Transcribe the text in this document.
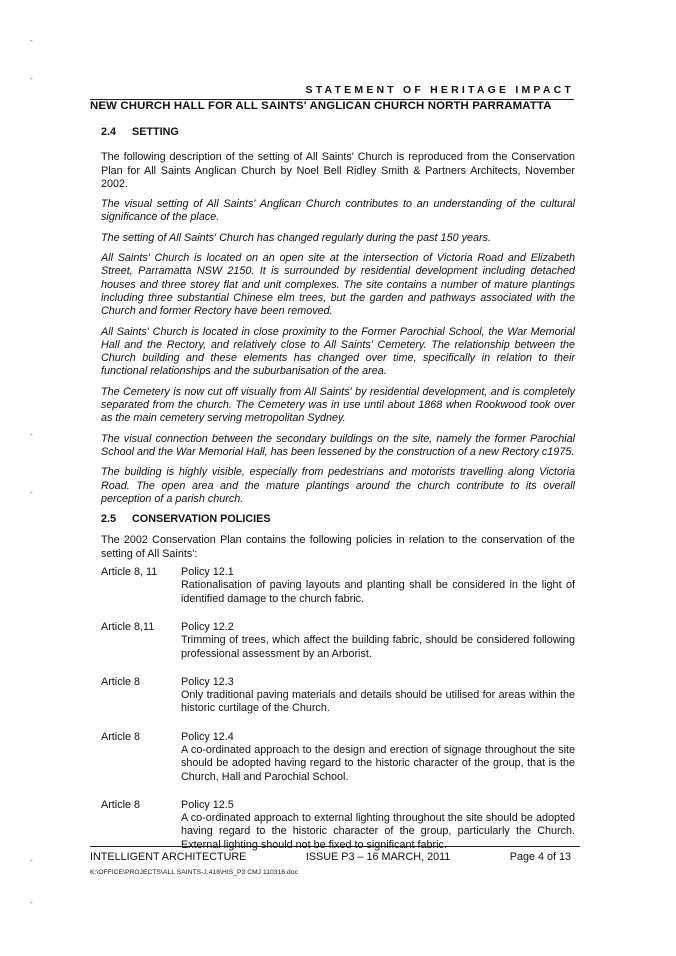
STATEMENT OF HERITAGE IMPACT
NEW CHURCH HALL FOR ALL SAINTS' ANGLICAN CHURCH NORTH PARRAMATTA
2.4 SETTING

The following description of the setting of All Saints' Church is reproduced from the Conservation Plan for All Saints Anglican Church by Noel Bell Ridley Smith & Partners Architects, November 2002.

The visual setting of All Saints' Anglican Church contributes to an understanding of the cultural significance of the place.

The setting of All Saints' Church has changed regularly during the past 150 years.

All Saints' Church is located on an open site at the intersection of Victoria Road and Elizabeth Street, Parramatta NSW 2150. It is surrounded by residential development including detached houses and three storey flat and unit complexes. The site contains a number of mature plantings including three substantial Chinese elm trees, but the garden and pathways associated with the Church and former Rectory have been removed.

All Saints' Church is located in close proximity to the Former Parochial School, the War Memorial Hall and the Rectory, and relatively close to All Saints' Cemetery. The relationship between the Church building and these elements has changed over time, specifically in relation to their functional relationships and the suburbanisation of the area.

The Cemetery is now cut off visually from All Saints' by residential development, and is completely separated from the church. The Cemetery was in use until about 1868 when Rookwood took over as the main cemetery serving metropolitan Sydney.

The visual connection between the secondary buildings on the site, namely the former Parochial School and the War Memorial Hall, has been lessened by the construction of a new Rectory c1975.

The building is highly visible, especially from pedestrians and motorists travelling along Victoria Road. The open area and the mature plantings around the church contribute to its overall perception of a parish church.

2.5 CONSERVATION POLICIES

The 2002 Conservation Plan contains the following policies in relation to the conservation of the setting of All Saints':

Article 8, 11	Policy 12.1
Rationalisation of paving layouts and planting shall be considered in the light of identified damage to the church fabric.
Article 8,11	Policy 12.2
Trimming of trees, which affect the building fabric, should be considered following professional assessment by an Arborist.
Article 8	Policy 12.3
Only traditional paving materials and details should be utilised for areas within the historic curtilage of the Church.
Article 8	Policy 12.4
A co-ordinated approach to the design and erection of signage throughout the site should be adopted having regard to the historic character of the group, that is the Church, Hall and Parochial School.
Article 8	Policy 12.5
A co-ordinated approach to external lighting throughout the site should be adopted having regard to the historic character of the group, particularly the Church. External lighting should not be fixed to significant fabric.
INTELLIGENT ARCHITECTURE	ISSUE P3 – 16 MARCH, 2011	Page 4 of 13
K:\OFFICE\PROJECTS\ALL SAINTS-J.418\HIS_P3 CMJ 110316.doc
-
-
-
-
-
-
